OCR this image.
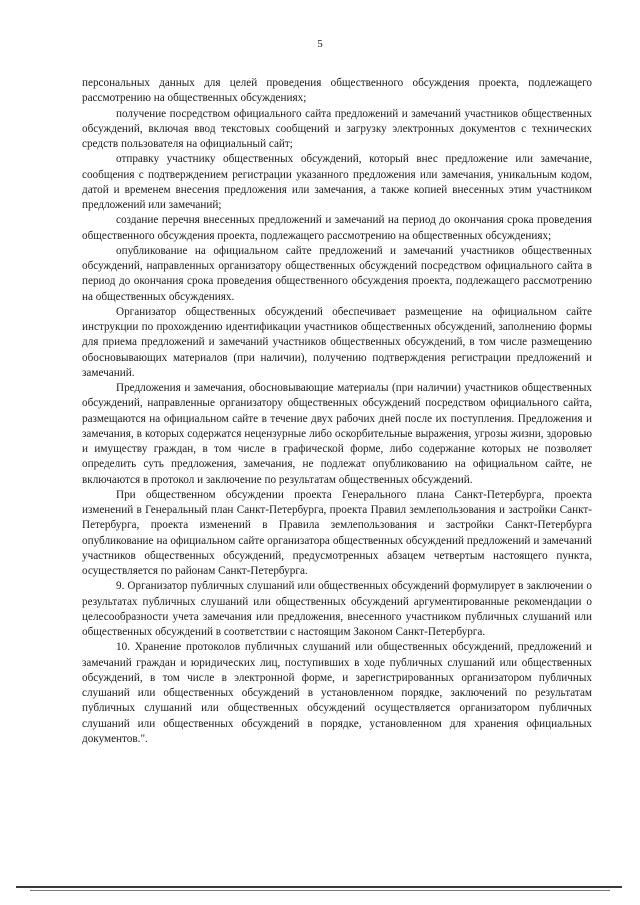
5

персональных данных для целей проведения общественного обсуждения проекта, подлежащего рассмотрению на общественных обсуждениях;

получение посредством официального сайта предложений и замечаний участников общественных обсуждений, включая ввод текстовых сообщений и загрузку электронных документов с технических средств пользователя на официальный сайт;

отправку участнику общественных обсуждений, который внес предложение или замечание, сообщения с подтверждением регистрации указанного предложения или замечания, уникальным кодом, датой и временем внесения предложения или замечания, а также копией внесенных этим участником предложений или замечаний;

создание перечня внесенных предложений и замечаний на период до окончания срока проведения общественного обсуждения проекта, подлежащего рассмотрению на общественных обсуждениях;

опубликование на официальном сайте предложений и замечаний участников общественных обсуждений, направленных организатору общественных обсуждений посредством официального сайта в период до окончания срока проведения общественного обсуждения проекта, подлежащего рассмотрению на общественных обсуждениях.

Организатор общественных обсуждений обеспечивает размещение на официальном сайте инструкции по прохождению идентификации участников общественных обсуждений, заполнению формы для приема предложений и замечаний участников общественных обсуждений, в том числе размещению обосновывающих материалов (при наличии), получению подтверждения регистрации предложений и замечаний.

Предложения и замечания, обосновывающие материалы (при наличии) участников общественных обсуждений, направленные организатору общественных обсуждений посредством официального сайта, размещаются на официальном сайте в течение двух рабочих дней после их поступления. Предложения и замечания, в которых содержатся нецензурные либо оскорбительные выражения, угрозы жизни, здоровью и имуществу граждан, в том числе в графической форме, либо содержание которых не позволяет определить суть предложения, замечания, не подлежат опубликованию на официальном сайте, не включаются в протокол и заключение по результатам общественных обсуждений.

При общественном обсуждении проекта Генерального плана Санкт-Петербурга, проекта изменений в Генеральный план Санкт-Петербурга, проекта Правил землепользования и застройки Санкт-Петербурга, проекта изменений в Правила землепользования и застройки Санкт-Петербурга опубликование на официальном сайте организатора общественных обсуждений предложений и замечаний участников общественных обсуждений, предусмотренных абзацем четвертым настоящего пункта, осуществляется по районам Санкт-Петербурга.

9. Организатор публичных слушаний или общественных обсуждений формулирует в заключении о результатах публичных слушаний или общественных обсуждений аргументированные рекомендации о целесообразности учета замечания или предложения, внесенного участником публичных слушаний или общественных обсуждений в соответствии с настоящим Законом Санкт-Петербурга.

10. Хранение протоколов публичных слушаний или общественных обсуждений, предложений и замечаний граждан и юридических лиц, поступивших в ходе публичных слушаний или общественных обсуждений, в том числе в электронной форме, и зарегистрированных организатором публичных слушаний или общественных обсуждений в установленном порядке, заключений по результатам публичных слушаний или общественных обсуждений осуществляется организатором публичных слушаний или общественных обсуждений в порядке, установленном для хранения официальных документов.".
